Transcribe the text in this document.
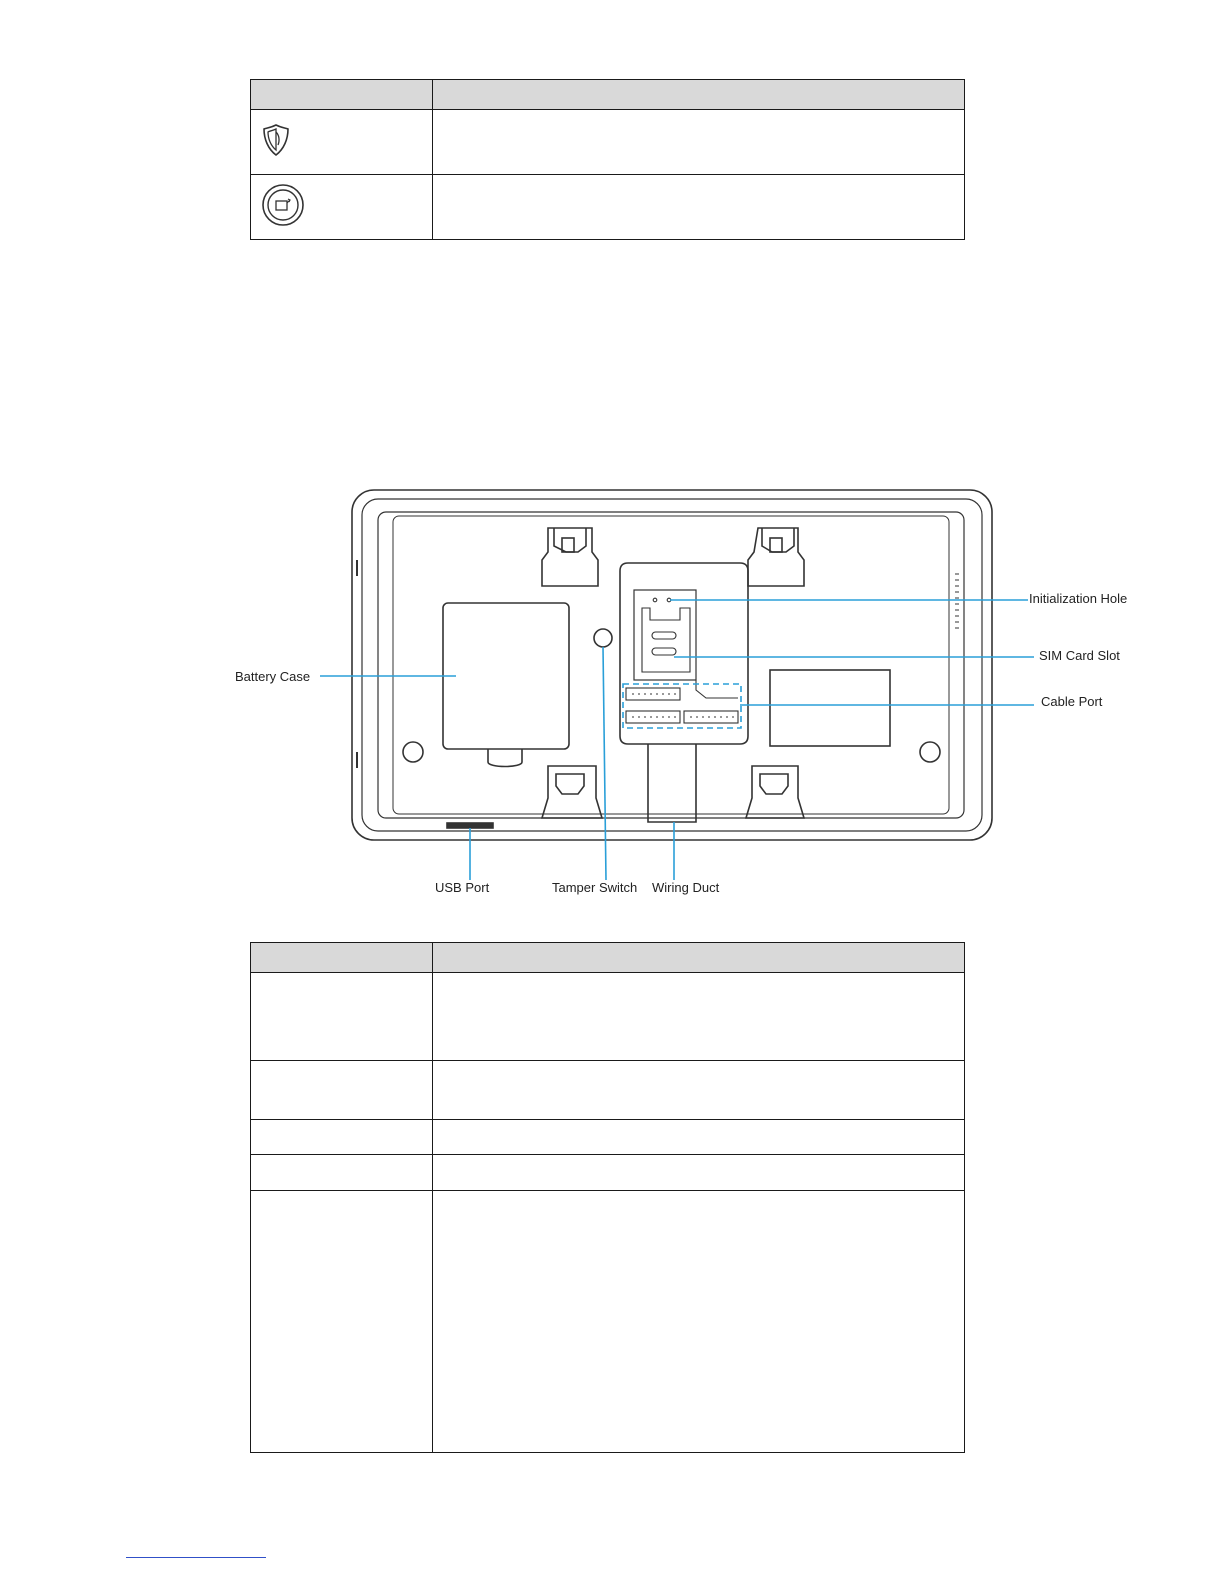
Initialization Hole
SIM Card Slot
Cable Port
Battery Case
USB Port	Tamper Switch Wiring Duct
